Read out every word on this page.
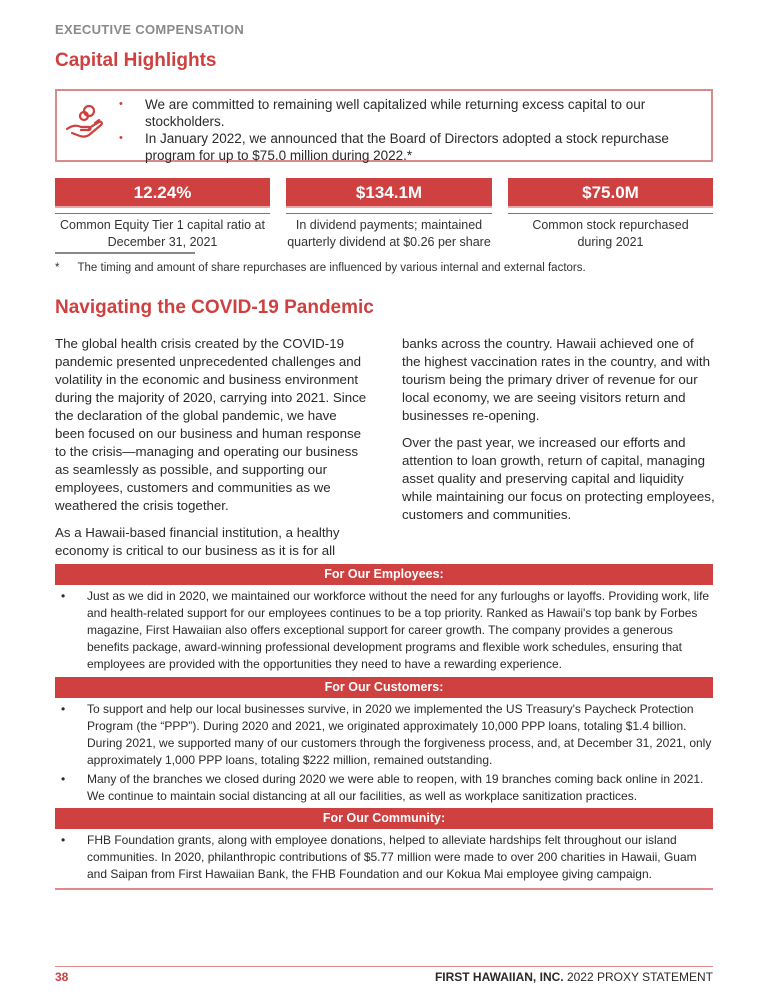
EXECUTIVE COMPENSATION
Capital Highlights
• We are committed to remaining well capitalized while returning excess capital to our stockholders.
• In January 2022, we announced that the Board of Directors adopted a stock repurchase program for up to $75.0 million during 2022.*
12.24%
Common Equity Tier 1 capital ratio at December 31, 2021
$134.1M
In dividend payments; maintained quarterly dividend at $0.26 per share
$75.0M
Common stock repurchased during 2021
* The timing and amount of share repurchases are influenced by various internal and external factors.
Navigating the COVID-19 Pandemic

The global health crisis created by the COVID-19 pandemic presented unprecedented challenges and volatility in the economic and business environment during the majority of 2020, carrying into 2021. Since the declaration of the global pandemic, we have been focused on our business and human response to the crisis—managing and operating our business as seamlessly as possible, and supporting our employees, customers and communities as we weathered the crisis together.

As a Hawaii-based financial institution, a healthy economy is critical to our business as it is for all

banks across the country. Hawaii achieved one of the highest vaccination rates in the country, and with tourism being the primary driver of revenue for our local economy, we are seeing visitors return and businesses re-opening.

Over the past year, we increased our efforts and attention to loan growth, return of capital, managing asset quality and preserving capital and liquidity while maintaining our focus on protecting employees, customers and communities.

For Our Employees:
• Just as we did in 2020, we maintained our workforce without the need for any furloughs or layoffs. Providing work, life and health-related support for our employees continues to be a top priority. Ranked as Hawaii's top bank by Forbes magazine, First Hawaiian also offers exceptional support for career growth. The company provides a generous benefits package, award-winning professional development programs and flexible work schedules, ensuring that employees are provided with the opportunities they need to have a rewarding experience.
For Our Customers:
• To support and help our local businesses survive, in 2020 we implemented the US Treasury's Paycheck Protection Program (the “PPP”). During 2020 and 2021, we originated approximately 10,000 PPP loans, totaling $1.4 billion. During 2021, we supported many of our customers through the forgiveness process, and, at December 31, 2021, only approximately 1,000 PPP loans, totaling $222 million, remained outstanding.
• Many of the branches we closed during 2020 we were able to reopen, with 19 branches coming back online in 2021. We continue to maintain social distancing at all our facilities, as well as workplace sanitization practices.
For Our Community:
• FHB Foundation grants, along with employee donations, helped to alleviate hardships felt throughout our island communities. In 2020, philanthropic contributions of $5.77 million were made to over 200 charities in Hawaii, Guam and Saipan from First Hawaiian Bank, the FHB Foundation and our Kokua Mai employee giving campaign.
38	FIRST HAWAIIAN, INC. 2022 PROXY STATEMENT
